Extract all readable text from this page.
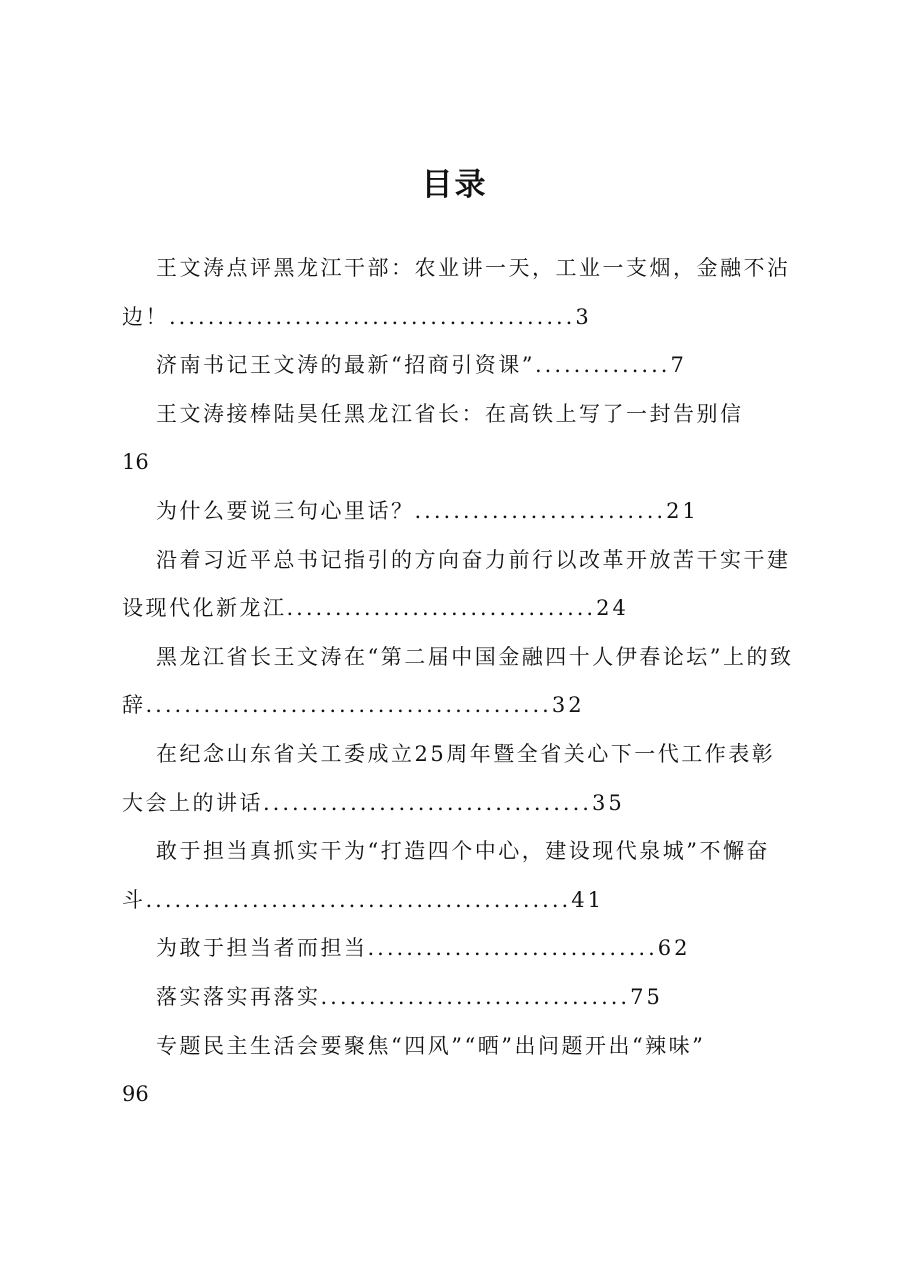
目录

王文涛点评黑龙江干部：农业讲一天，工业一支烟，金融不沾边！..........................................3

济南书记王文涛的最新“招商引资课”..............7

王文涛接棒陆昊任黑龙江省长：在高铁上写了一封告别信
16

为什么要说三句心里话？..........................21

沿着习近平总书记指引的方向奋力前行以改革开放苦干实干建设现代化新龙江................................24

黑龙江省长王文涛在“第二届中国金融四十人伊春论坛”上的致辞..........................................32

在纪念山东省关工委成立25周年暨全省关心下一代工作表彰大会上的讲话..................................35

敢于担当真抓实干为“打造四个中心，建设现代泉城”不懈奋斗............................................41

为敢于担当者而担当..............................62

落实落实再落实................................75

专题民主生活会要聚焦“四风”“晒”出问题开出“辣味”
96
